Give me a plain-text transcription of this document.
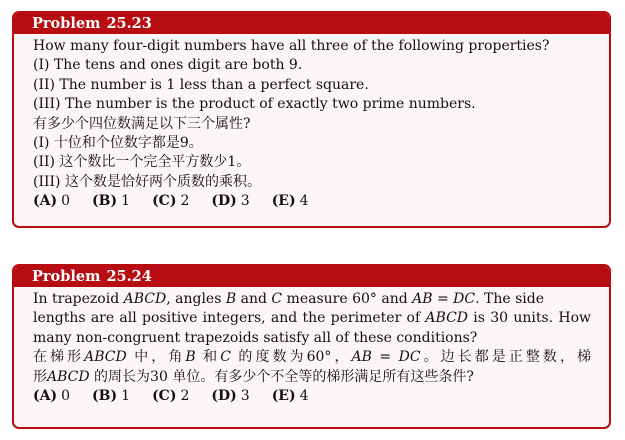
Problem 25.23
How many four-digit numbers have all three of the following properties?
(I) The tens and ones digit are both 9.
(II) The number is 1 less than a perfect square.
(III) The number is the product of exactly two prime numbers.
有多少个四位数满足以下三个属性?
(I) 十位和个位数字都是9。
(II) 这个数比一个完全平方数少1。
(III) 这个数是恰好两个质数的乘积。
(A) 0 (B) 1 (C) 2 (D) 3 (E) 4
Problem 25.24
In trapezoid ABCD, angles B and C measure 60° and AB = DC. The side
lengths are all positive integers, and the perimeter of ABCD is 30 units. How
many non-congruent trapezoids satisfy all of these conditions?
在梯形ABCD 中，角B 和C 的度数为60°，AB = DC。边长都是正整数，梯
形ABCD 的周长为30 单位。有多少个不全等的梯形满足所有这些条件?
(A) 0 (B) 1 (C) 2 (D) 3 (E) 4
